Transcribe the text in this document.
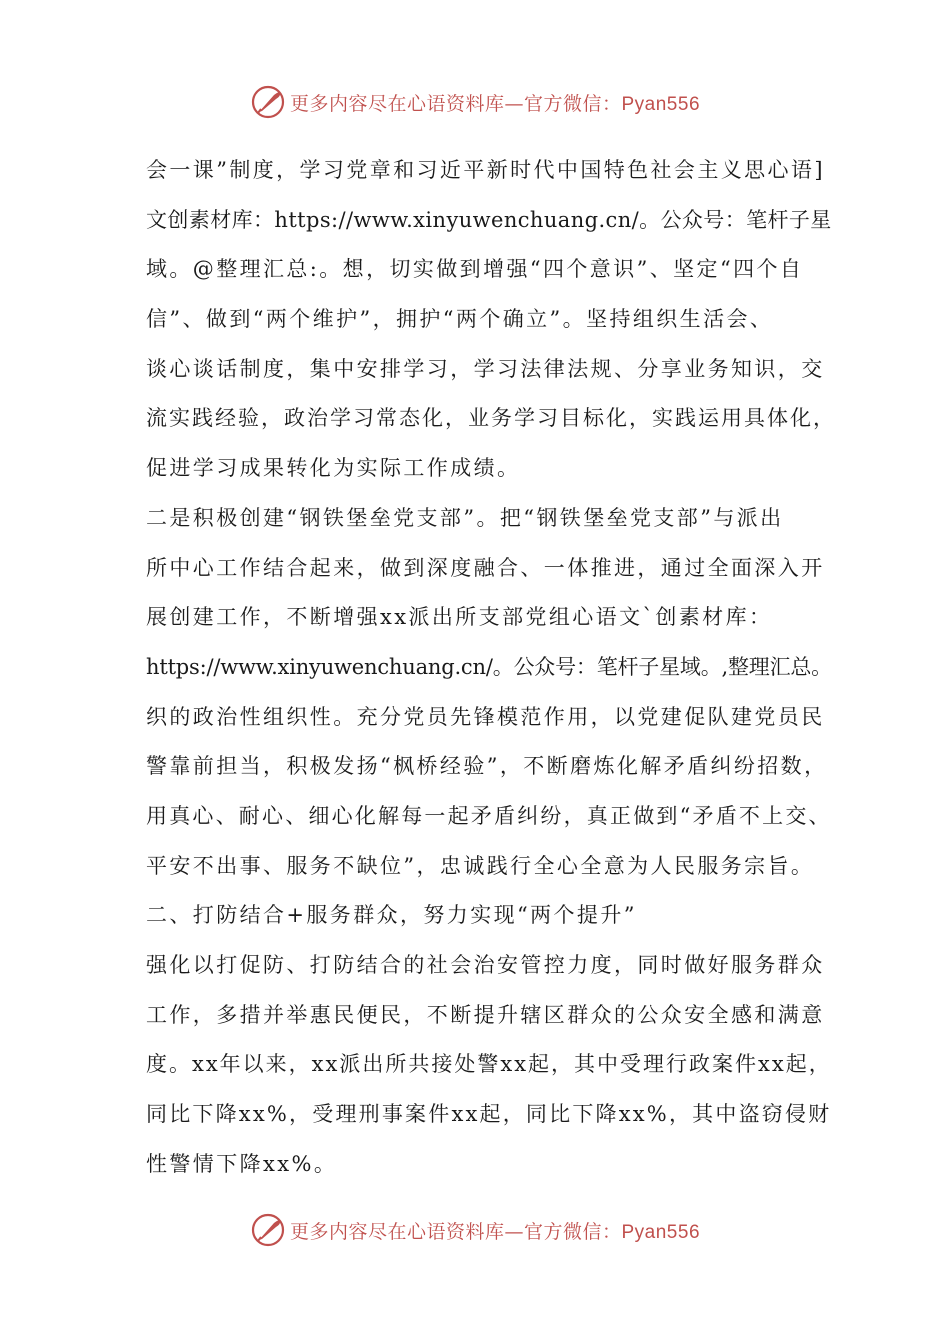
更多内容尽在心语资料库—官方微信：Pyan556
会一课”制度，学习党章和习近平新时代中国特色社会主义思心语]
文创素材库：https://www.xinyuwenchuang.cn/。公众号：笔杆子星
域。@整理汇总:。想，切实做到增强“四个意识”、坚定“四个自
信”、做到“两个维护”，拥护“两个确立”。坚持组织生活会、
谈心谈话制度，集中安排学习，学习法律法规、分享业务知识，交
流实践经验，政治学习常态化，业务学习目标化，实践运用具体化，
促进学习成果转化为实际工作成绩。
二是积极创建“钢铁堡垒党支部”。把“钢铁堡垒党支部”与派出
所中心工作结合起来，做到深度融合、一体推进，通过全面深入开
展创建工作，不断增强xx派出所支部党组心语文`创素材库：
https://www.xinyuwenchuang.cn/。公众号：笔杆子星域。,整理汇总。
织的政治性组织性。充分党员先锋模范作用，以党建促队建党员民
警靠前担当，积极发扬“枫桥经验”，不断磨炼化解矛盾纠纷招数，
用真心、耐心、细心化解每一起矛盾纠纷，真正做到“矛盾不上交、
平安不出事、服务不缺位”，忠诚践行全心全意为人民服务宗旨。
二、打防结合+服务群众，努力实现“两个提升”
强化以打促防、打防结合的社会治安管控力度，同时做好服务群众
工作，多措并举惠民便民，不断提升辖区群众的公众安全感和满意
度。xx年以来，xx派出所共接处警xx起，其中受理行政案件xx起，
同比下降xx%，受理刑事案件xx起，同比下降xx%，其中盗窃侵财
性警情下降xx%。
更多内容尽在心语资料库—官方微信：Pyan556
